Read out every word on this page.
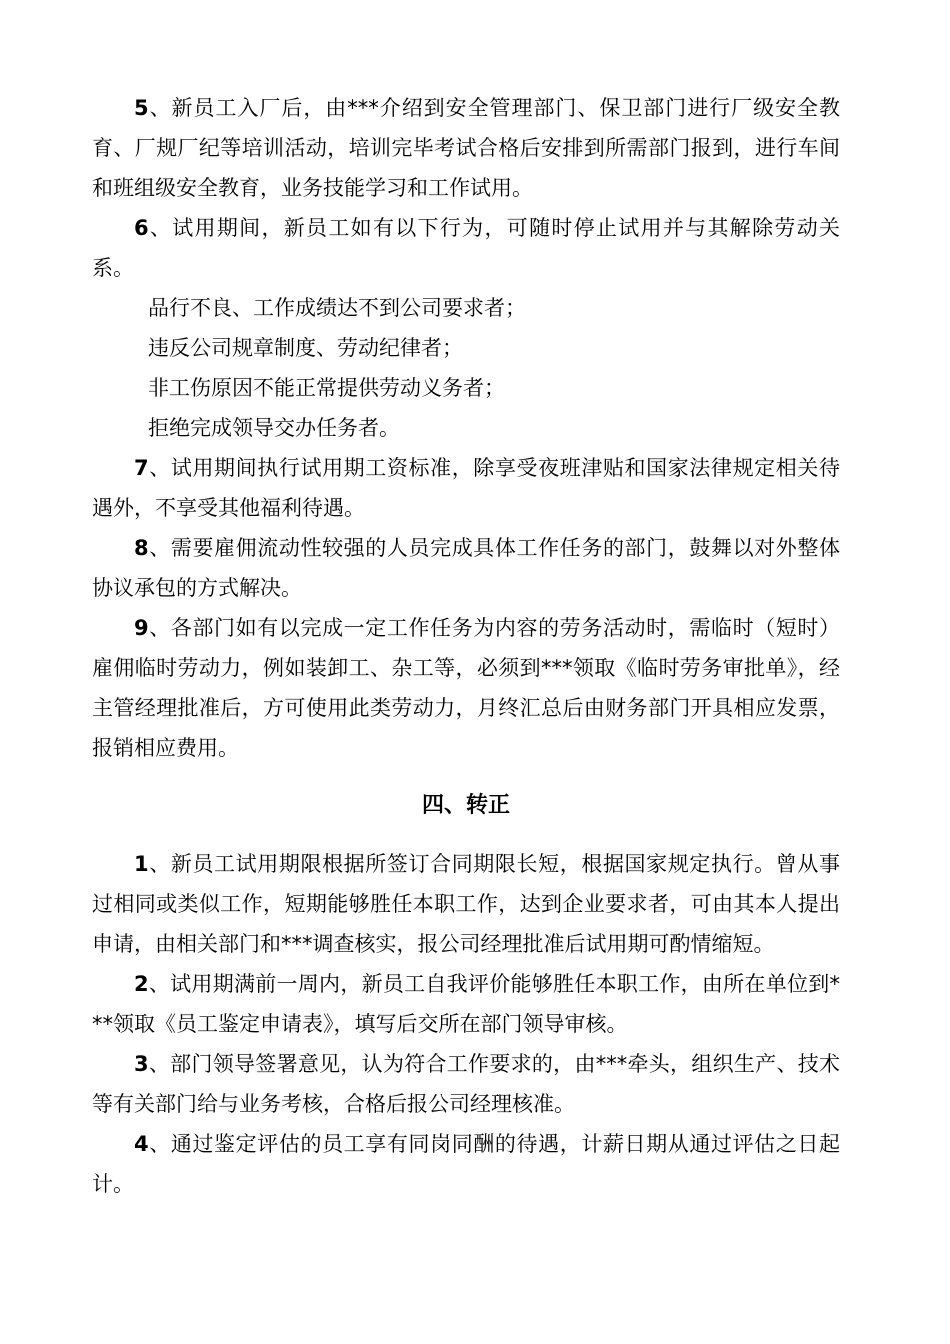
5、新员工入厂后，由***介绍到安全管理部门、保卫部门进行厂级安全教育、厂规厂纪等培训活动，培训完毕考试合格后安排到所需部门报到，进行车间和班组级安全教育，业务技能学习和工作试用。

6、试用期间，新员工如有以下行为，可随时停止试用并与其解除劳动关系。

品行不良、工作成绩达不到公司要求者；

违反公司规章制度、劳动纪律者；

非工伤原因不能正常提供劳动义务者；

拒绝完成领导交办任务者。

7、试用期间执行试用期工资标准，除享受夜班津贴和国家法律规定相关待遇外，不享受其他福利待遇。

8、需要雇佣流动性较强的人员完成具体工作任务的部门，鼓舞以对外整体协议承包的方式解决。

9、各部门如有以完成一定工作任务为内容的劳务活动时，需临时（短时）雇佣临时劳动力，例如装卸工、杂工等，必须到***领取《临时劳务审批单》，经主管经理批准后，方可使用此类劳动力，月终汇总后由财务部门开具相应发票，报销相应费用。

四、转正

1、新员工试用期限根据所签订合同期限长短，根据国家规定执行。曾从事过相同或类似工作，短期能够胜任本职工作，达到企业要求者，可由其本人提出申请，由相关部门和***调查核实，报公司经理批准后试用期可酌情缩短。

2、试用期满前一周内，新员工自我评价能够胜任本职工作，由所在单位到***领取《员工鉴定申请表》，填写后交所在部门领导审核。

3、部门领导签署意见，认为符合工作要求的，由***牵头，组织生产、技术等有关部门给与业务考核，合格后报公司经理核准。

4、通过鉴定评估的员工享有同岗同酬的待遇，计薪日期从通过评估之日起计。
